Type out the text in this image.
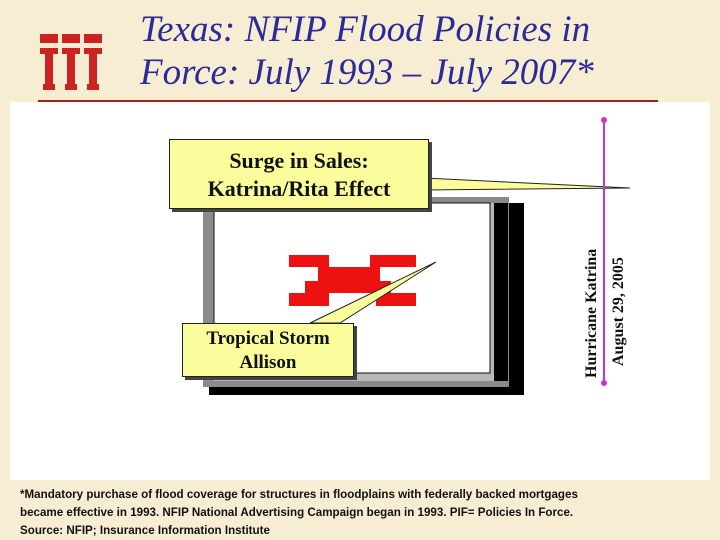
Texas: NFIP Flood Policies in
Force: July 1993 – July 2007*
Surge in Sales:
Katrina/Rita Effect
Tropical Storm
Allison	Hurricane Katrina August 29, 2005

*Mandatory purchase of flood coverage for structures in floodplains with federally backed mortgages
became effective in 1993. NFIP National Advertising Campaign began in 1993. PIF= Policies In Force.
Source: NFIP; Insurance Information Institute
